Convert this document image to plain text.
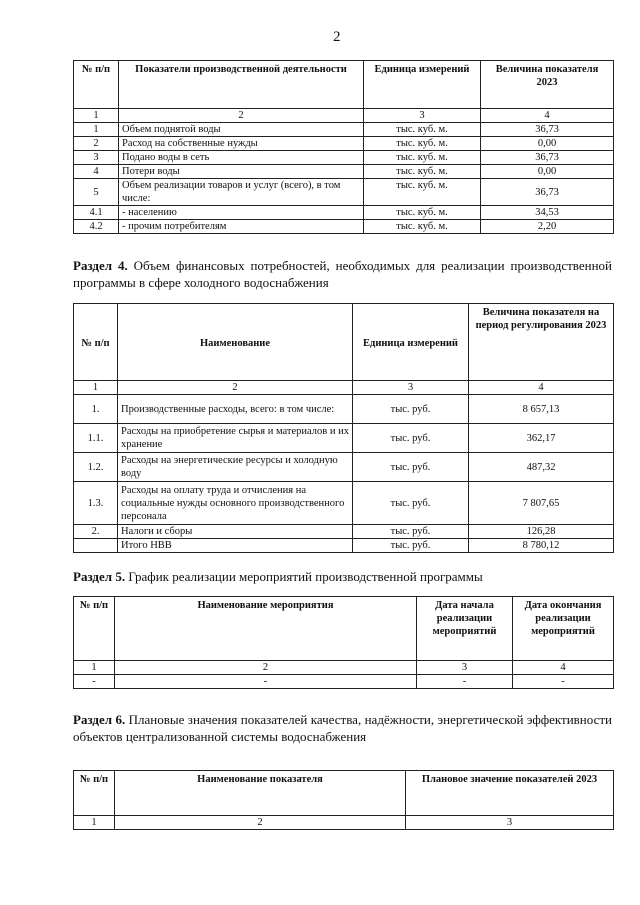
2
№ п/п	Показатели производственной деятельности	Единица измерений	Величина показателя 2023
1	2	3	4
1	Объем поднятой воды	тыс. куб. м.	36,73
2	Расход на собственные нужды	тыс. куб. м.	0,00
3	Подано воды в сеть	тыс. куб. м.	36,73
4	Потери воды	тыс. куб. м.	0,00
5	Объем реализации товаров и услуг (всего), в том числе:	тыс. куб. м.	36,73
4.1	- населению	тыс. куб. м.	34,53
4.2	- прочим потребителям	тыс. куб. м.	2,20
Раздел 4. Объем финансовых потребностей, необходимых для реализации производственной программы в сфере холодного водоснабжения
№ п/п	Наименование	Единица измерений	Величина показателя на период регулирования 2023
1	2	3	4
1.	Производственные расходы, всего: в том числе:	тыс. руб.	8 657,13
1.1.	Расходы на приобретение сырья и материалов и их хранение	тыс. руб.	362,17
1.2.	Расходы на энергетические ресурсы и холодную воду	тыс. руб.	487,32
1.3.	Расходы на оплату труда и отчисления на социальные нужды основного производственного персонала	тыс. руб.	7 807,65
2.	Налоги и сборы	тыс. руб.	126,28
	Итого НВВ	тыс. руб.	8 780,12
Раздел 5. График реализации мероприятий производственной программы
№ п/п	Наименование мероприятия	Дата начала реализации мероприятий	Дата окончания реализации мероприятий
1	2	3	4
-	-	-	-
Раздел 6. Плановые значения показателей качества, надёжности, энергетической эффективности объектов централизованной системы водоснабжения
№ п/п	Наименование показателя	Плановое значение показателей 2023
1	2	3
